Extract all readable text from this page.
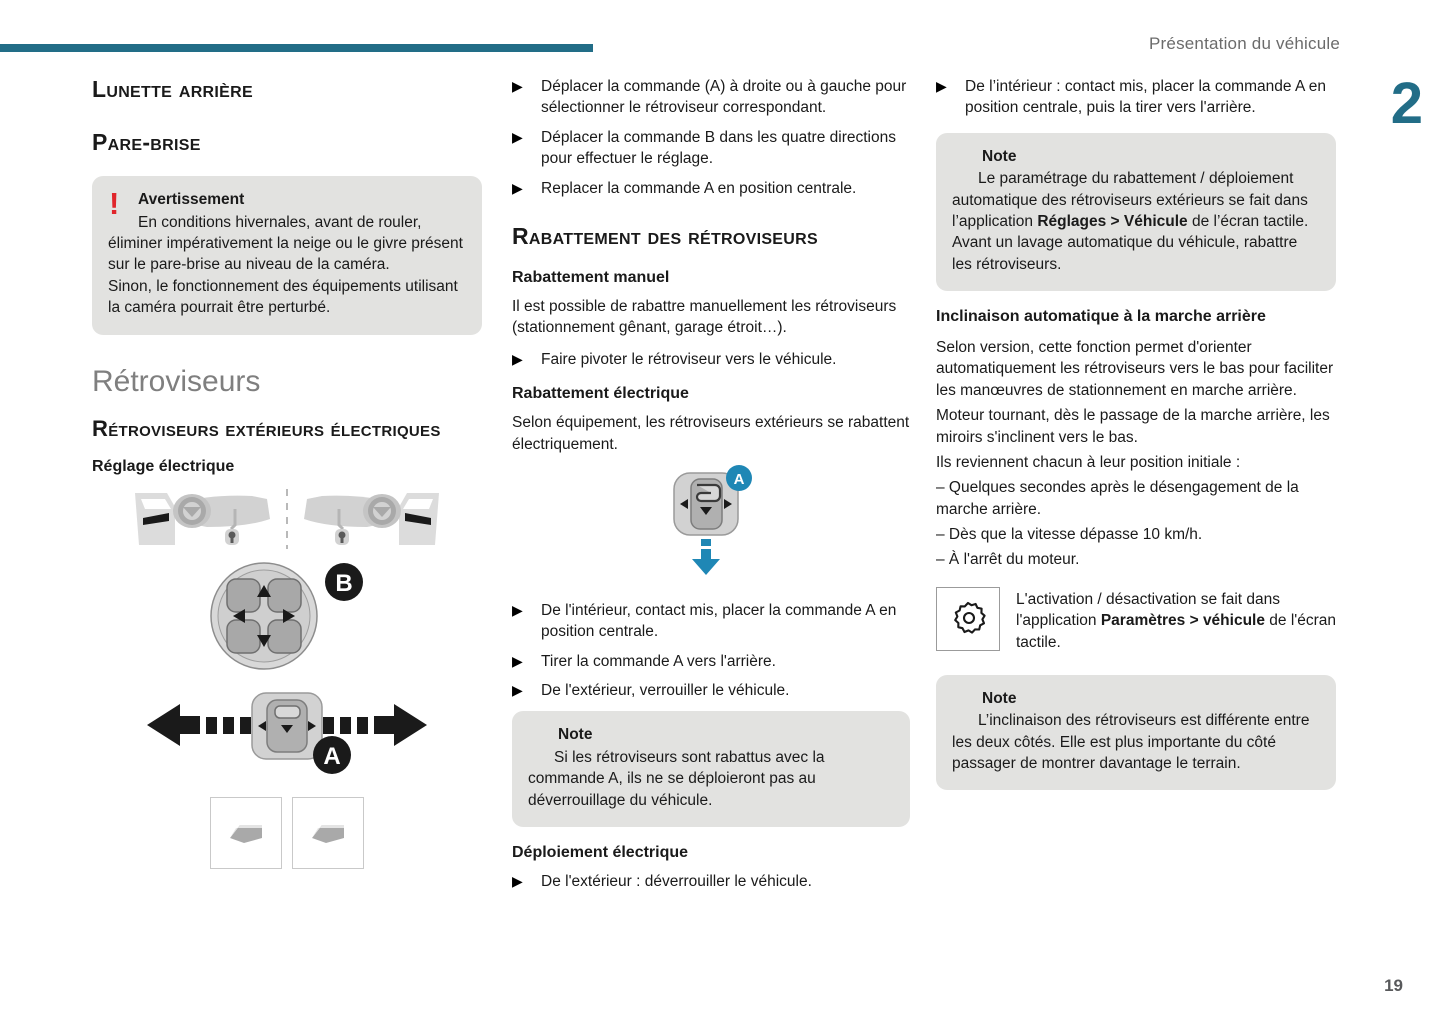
Présentation du véhicule
2
19
Lunette arrière
Pare-brise
! Avertissement
En conditions hivernales, avant de rouler, éliminer impérativement la neige ou le givre présent sur le pare-brise au niveau de la caméra.
Sinon, le fonctionnement des équipements utilisant la caméra pourrait être perturbé.
Rétroviseurs
Rétroviseurs extérieurs électriques
Réglage électrique
B
A
▶	Déplacer la commande (A) à droite ou à gauche pour sélectionner le rétroviseur correspondant.
▶	Déplacer la commande B dans les quatre directions pour effectuer le réglage.
▶	Replacer la commande A en position centrale.
Rabattement des rétroviseurs
Rabattement manuel

Il est possible de rabattre manuellement les rétroviseurs (stationnement gênant, garage étroit…).

▶	Faire pivoter le rétroviseur vers le véhicule.
Rabattement électrique

Selon équipement, les rétroviseurs extérieurs se rabattent électriquement.

A
▶	De l'intérieur, contact mis, placer la commande A en position centrale.
▶	Tirer la commande A vers l'arrière.
▶	De l'extérieur, verrouiller le véhicule.
Note
Si les rétroviseurs sont rabattus avec la commande A, ils ne se déploieront pas au déverrouillage du véhicule.
Déploiement électrique
▶	De l'extérieur : déverrouiller le véhicule.
▶	De l’intérieur : contact mis, placer la commande A en position centrale, puis la tirer vers l'arrière.
Note
Le paramétrage du rabattement / déploiement automatique des rétroviseurs extérieurs se fait dans l’application Réglages > Véhicule de l’écran tactile.
Avant un lavage automatique du véhicule, rabattre les rétroviseurs.
Inclinaison automatique à la marche arrière

Selon version, cette fonction permet d'orienter automatiquement les rétroviseurs vers le bas pour faciliter les manœuvres de stationnement en marche arrière.

Moteur tournant, dès le passage de la marche arrière, les miroirs s'inclinent vers le bas.

Ils reviennent chacun à leur position initiale :

– Quelques secondes après le désengagement de la marche arrière.

– Dès que la vitesse dépasse 10 km/h.

– À l'arrêt du moteur.

L'activation / désactivation se fait dans l'application Paramètres > véhicule de l'écran tactile.
Note
L’inclinaison des rétroviseurs est différente entre les deux côtés. Elle est plus importante du côté passager de montrer davantage le terrain.
